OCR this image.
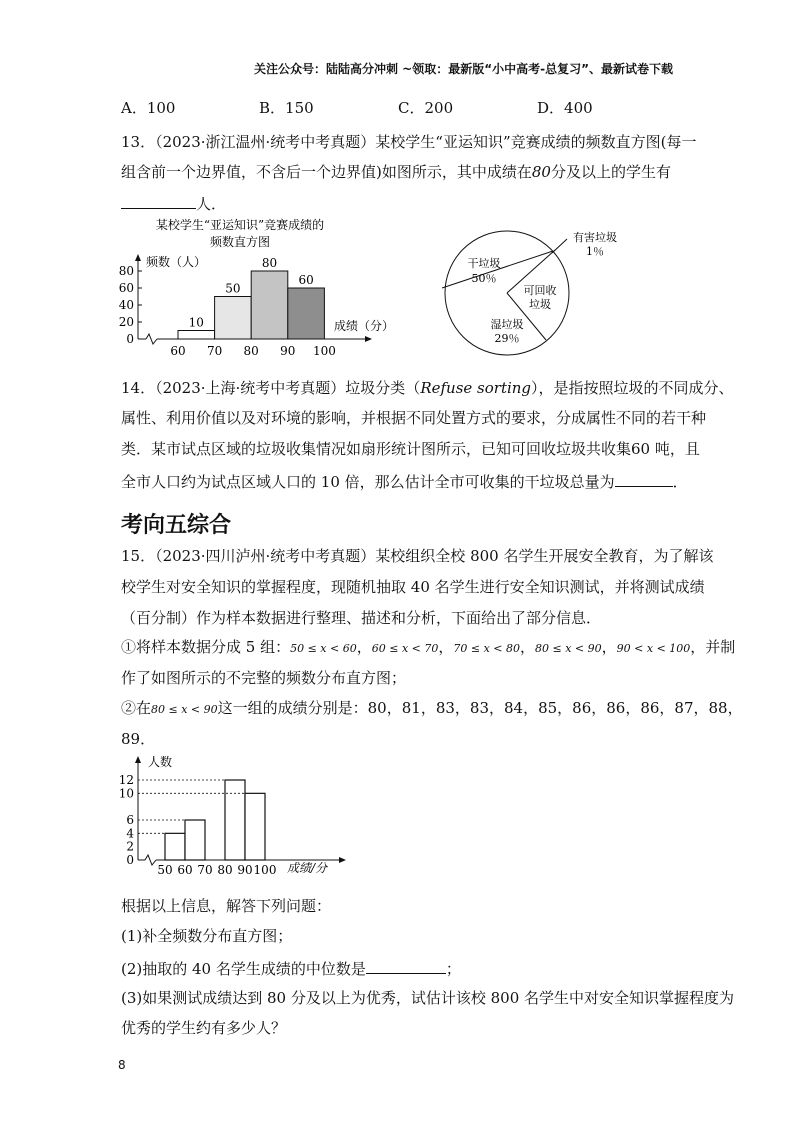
关注公众号：陆陆高分冲刺 ~领取：最新版“小中高考-总复习”、最新试卷下载
A．100	B．150	C．200	D．400
13．（2023·浙江温州·统考中考真题）某校学生“亚运知识”竞赛成绩的频数直方图(每一
组含前一个边界值，不含后一个边界值)如图所示，其中成绩在80分及以上的学生有
人．
某校学生“亚运知识”竞赛成绩的
频数直方图
频数（人）
成绩（分）
0
20
40
60
80
10
50
80
60
60 70 80 90 100
干垃圾
50％
可回收
垃圾
湿垃圾
29％
有害垃圾
1％
14．（2023·上海·统考中考真题）垃圾分类（Refuse sorting），是指按照垃圾的不同成分、
属性、利用价值以及对环境的影响，并根据不同处置方式的要求，分成属性不同的若干种
类．某市试点区域的垃圾收集情况如扇形统计图所示，已知可回收垃圾共收集60 吨，且
全市人口约为试点区域人口的 10 倍，那么估计全市可收集的干垃圾总量为	．
考向五综合
15．（2023·四川泸州·统考中考真题）某校组织全校 800 名学生开展安全教育，为了解该
校学生对安全知识的掌握程度，现随机抽取 40 名学生进行安全知识测试，并将测试成绩
（百分制）作为样本数据进行整理、描述和分析，下面给出了部分信息．
①将样本数据分成 5 组：50 ≤ x < 60，60 ≤ x < 70，70 ≤ x < 80，80 ≤ x < 90，90 < x < 100，并制
作了如图所示的不完整的频数分布直方图；
②在80 ≤ x < 90这一组的成绩分别是：80，81，83，83，84，85，86，86，86，87，88，
89．
人数
成绩/分
0
2
4
6
10
12
50 60 70 80 90 100
根据以上信息，解答下列问题：
(1)补全频数分布直方图；
(2)抽取的 40 名学生成绩的中位数是	；
(3)如果测试成绩达到 80 分及以上为优秀，试估计该校 800 名学生中对安全知识掌握程度为
优秀的学生约有多少人？
8
